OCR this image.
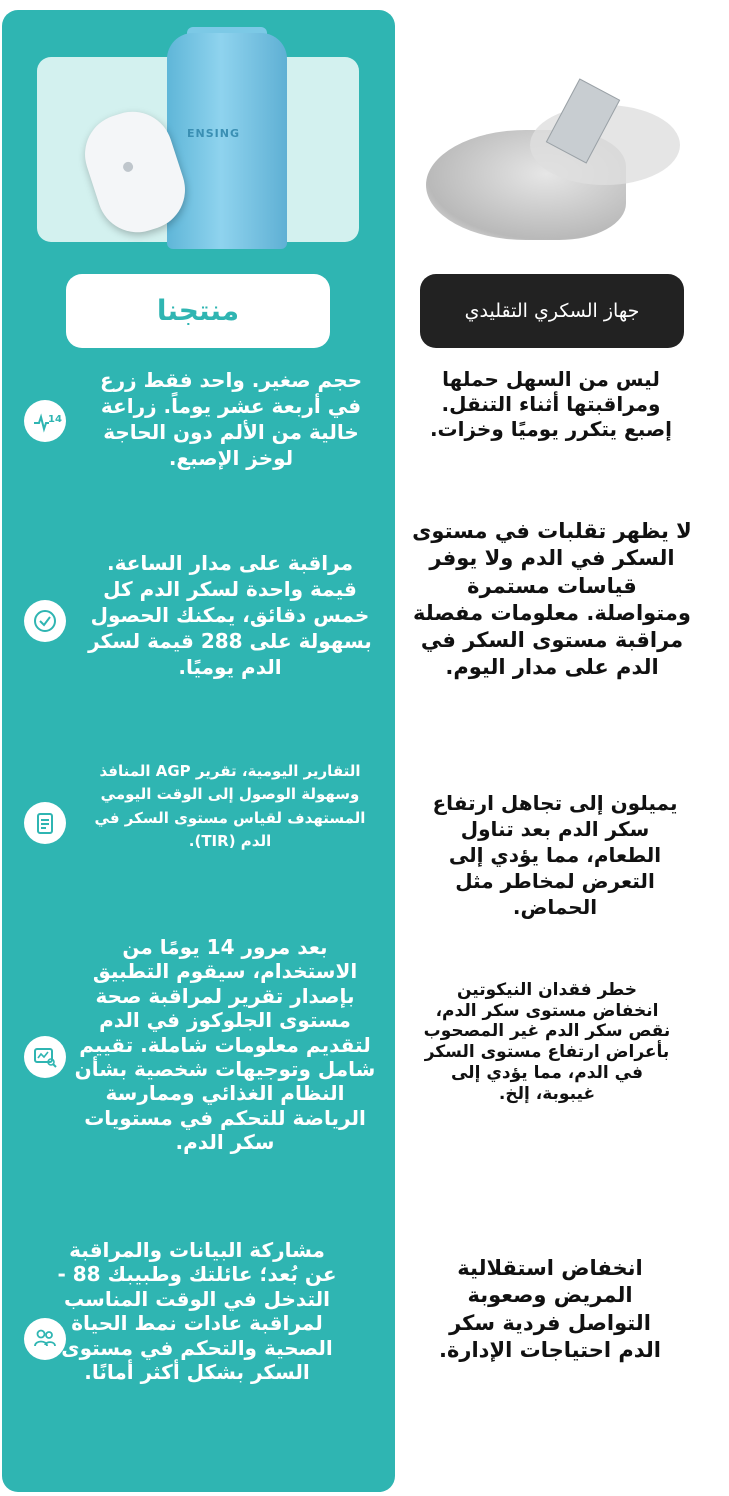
ENSING
منتجنا	جهاز السكري التقليدي
14
حجم صغير. واحد فقط زرع في أربعة عشر يوماً. زراعة خالية من الألم دون الحاجة لوخز الإصبع.
ليس من السهل حملها ومراقبتها أثناء التنقل. إصبع يتكرر يوميًا وخزات.
مراقبة على مدار الساعة. قيمة واحدة لسكر الدم كل خمس دقائق، يمكنك الحصول بسهولة على 288 قيمة لسكر الدم يوميًا.
لا يظهر تقلبات في مستوى السكر في الدم ولا يوفر قياسات مستمرة ومتواصلة. معلومات مفصلة مراقبة مستوى السكر في الدم على مدار اليوم.
التقارير اليومية، تقرير AGP المنافذ وسهولة الوصول إلى الوقت اليومي المستهدف لقياس مستوى السكر في الدم (TIR).
يميلون إلى تجاهل ارتفاع سكر الدم بعد تناول الطعام، مما يؤدي إلى التعرض لمخاطر مثل الحماض.
بعد مرور 14 يومًا من الاستخدام، سيقوم التطبيق بإصدار تقرير لمراقبة صحة مستوى الجلوكوز في الدم لتقديم معلومات شاملة. تقييم شامل وتوجيهات شخصية بشأن النظام الغذائي وممارسة الرياضة للتحكم في مستويات سكر الدم.
خطر فقدان النيكوتين انخفاض مستوى سكر الدم، نقص سكر الدم غير المصحوب بأعراض ارتفاع مستوى السكر في الدم، مما يؤدي إلى غيبوبة، إلخ.
مشاركة البيانات والمراقبة عن بُعد؛ عائلتك وطبيبك 88 - التدخل في الوقت المناسب لمراقبة عادات نمط الحياة الصحية والتحكم في مستوى السكر بشكل أكثر أمانًا.
انخفاض استقلالية المريض وصعوبة التواصل فردية سكر الدم احتياجات الإدارة.
